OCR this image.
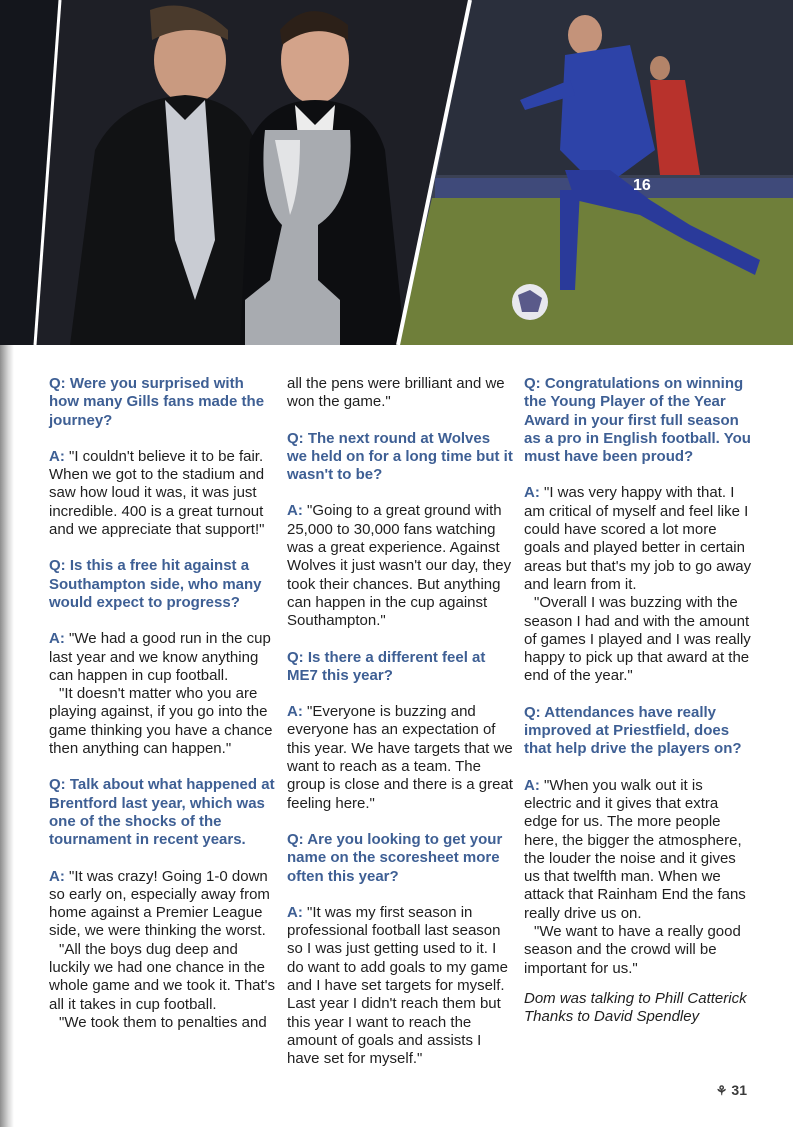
16

Q: Were you surprised with how many Gills fans made the journey?

A: "I couldn't believe it to be fair. When we got to the stadium and saw how loud it was, it was just incredible. 400 is a great turnout and we appreciate that support!"

Q: Is this a free hit against a Southampton side, who many would expect to progress?

A: "We had a good run in the cup last year and we know anything can happen in cup football.

"It doesn't matter who you are playing against, if you go into the game thinking you have a chance then anything can happen."

Q: Talk about what happened at Brentford last year, which was one of the shocks of the tournament in recent years.

A: "It was crazy! Going 1-0 down so early on, especially away from home against a Premier League side, we were thinking the worst.

"All the boys dug deep and luckily we had one chance in the whole game and we took it. That's all it takes in cup football.

"We took them to penalties and

all the pens were brilliant and we won the game."

Q: The next round at Wolves we held on for a long time but it wasn't to be?

A: "Going to a great ground with 25,000 to 30,000 fans watching was a great experience. Against Wolves it just wasn't our day, they took their chances. But anything can happen in the cup against Southampton."

Q: Is there a different feel at ME7 this year?

A: "Everyone is buzzing and everyone has an expectation of this year. We have targets that we want to reach as a team. The group is close and there is a great feeling here."

Q: Are you looking to get your name on the scoresheet more often this year?

A: "It was my first season in professional football last season so I was just getting used to it. I do want to add goals to my game and I have set targets for myself. Last year I didn't reach them but this year I want to reach the amount of goals and assists I have set for myself."

Q: Congratulations on winning the Young Player of the Year Award in your first full season as a pro in English football. You must have been proud?

A: "I was very happy with that. I am critical of myself and feel like I could have scored a lot more goals and played better in certain areas but that's my job to go away and learn from it.

"Overall I was buzzing with the season I had and with the amount of games I played and I was really happy to pick up that award at the end of the year."

Q: Attendances have really improved at Priestfield, does that help drive the players on?

A: "When you walk out it is electric and it gives that extra edge for us. The more people here, the bigger the atmosphere, the louder the noise and it gives us that twelfth man. When we attack that Rainham End the fans really drive us on.

"We want to have a really good season and the crowd will be important for us."

Dom was talking to Phill Catterick

Thanks to David Spendley

⚘ 31
